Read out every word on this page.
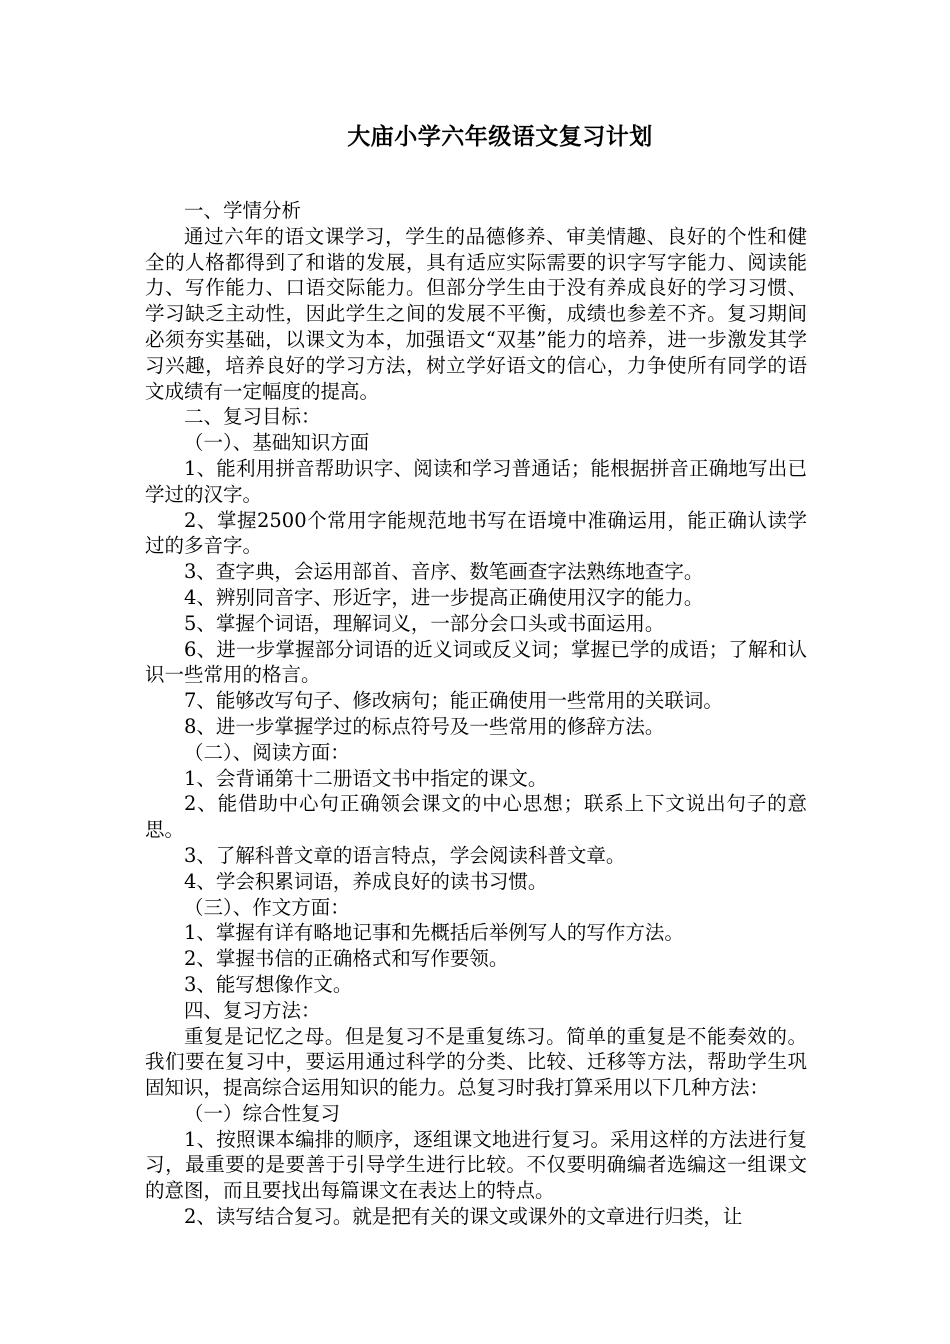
大庙小学六年级语文复习计划

一、学情分析

通过六年的语文课学习，学生的品德修养、审美情趣、良好的个性和健全的人格都得到了和谐的发展，具有适应实际需要的识字写字能力、阅读能力、写作能力、口语交际能力。但部分学生由于没有养成良好的学习习惯、学习缺乏主动性，因此学生之间的发展不平衡，成绩也参差不齐。复习期间必须夯实基础，以课文为本，加强语文“双基”能力的培养，进一步激发其学习兴趣，培养良好的学习方法，树立学好语文的信心，力争使所有同学的语文成绩有一定幅度的提高。

二、复习目标：

（一）、基础知识方面

1、能利用拼音帮助识字、阅读和学习普通话；能根据拼音正确地写出已学过的汉字。

2、掌握2500个常用字能规范地书写在语境中准确运用，能正确认读学过的多音字。

3、查字典，会运用部首、音序、数笔画查字法熟练地查字。

4、辨别同音字、形近字，进一步提高正确使用汉字的能力。

5、掌握个词语，理解词义，一部分会口头或书面运用。

6、进一步掌握部分词语的近义词或反义词；掌握已学的成语；了解和认识一些常用的格言。

7、能够改写句子、修改病句；能正确使用一些常用的关联词。

8、进一步掌握学过的标点符号及一些常用的修辞方法。

（二）、阅读方面：

1、会背诵第十二册语文书中指定的课文。

2、能借助中心句正确领会课文的中心思想；联系上下文说出句子的意思。

3、了解科普文章的语言特点，学会阅读科普文章。

4、学会积累词语，养成良好的读书习惯。

（三）、作文方面：

1、掌握有详有略地记事和先概括后举例写人的写作方法。

2、掌握书信的正确格式和写作要领。

3、能写想像作文。

四、复习方法：

重复是记忆之母。但是复习不是重复练习。简单的重复是不能奏效的。我们要在复习中，要运用通过科学的分类、比较、迁移等方法，帮助学生巩固知识，提高综合运用知识的能力。总复习时我打算采用以下几种方法：

（一）综合性复习

1、按照课本编排的顺序，逐组课文地进行复习。采用这样的方法进行复习，最重要的是要善于引导学生进行比较。不仅要明确编者选编这一组课文的意图，而且要找出每篇课文在表达上的特点。

2、读写结合复习。就是把有关的课文或课外的文章进行归类，让
